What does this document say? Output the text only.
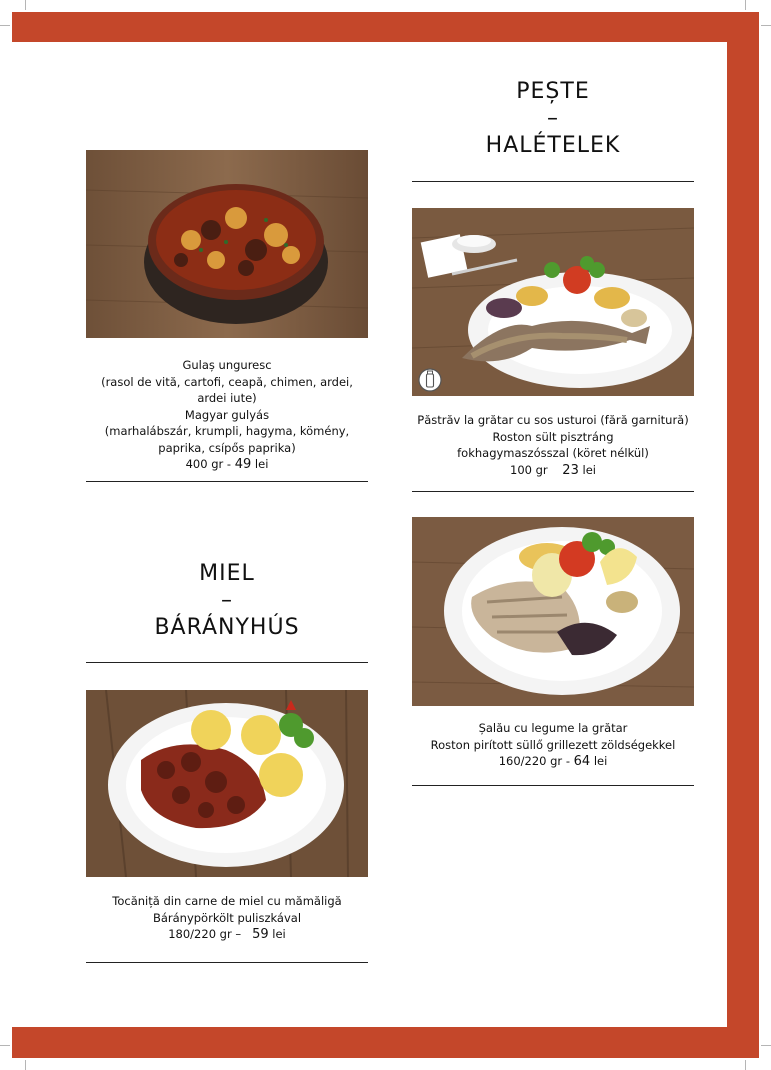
PEȘTE
–
HALÉTELEK
Gulaș unguresc
(rasol de vită, cartofi, ceapă, chimen, ardei,
ardei iute)
Magyar gulyás
(marhalábszár, krumpli, hagyma, kömény,
paprika, csípős paprika)
400 gr - 49 lei
Păstrăv la grătar cu sos usturoi (fără garnitură)
Roston sült pisztráng
fokhagymaszósszal (köret nélkül)
100 gr 23 lei
Șalău cu legume la grătar
Roston pirított süllő grillezett zöldségekkel
160/220 gr - 64 lei
MIEL
–
BÁRÁNYHÚS
Tocăniță din carne de miel cu mămăligă
Báránypörkölt puliszkával
180/220 gr – 59 lei
